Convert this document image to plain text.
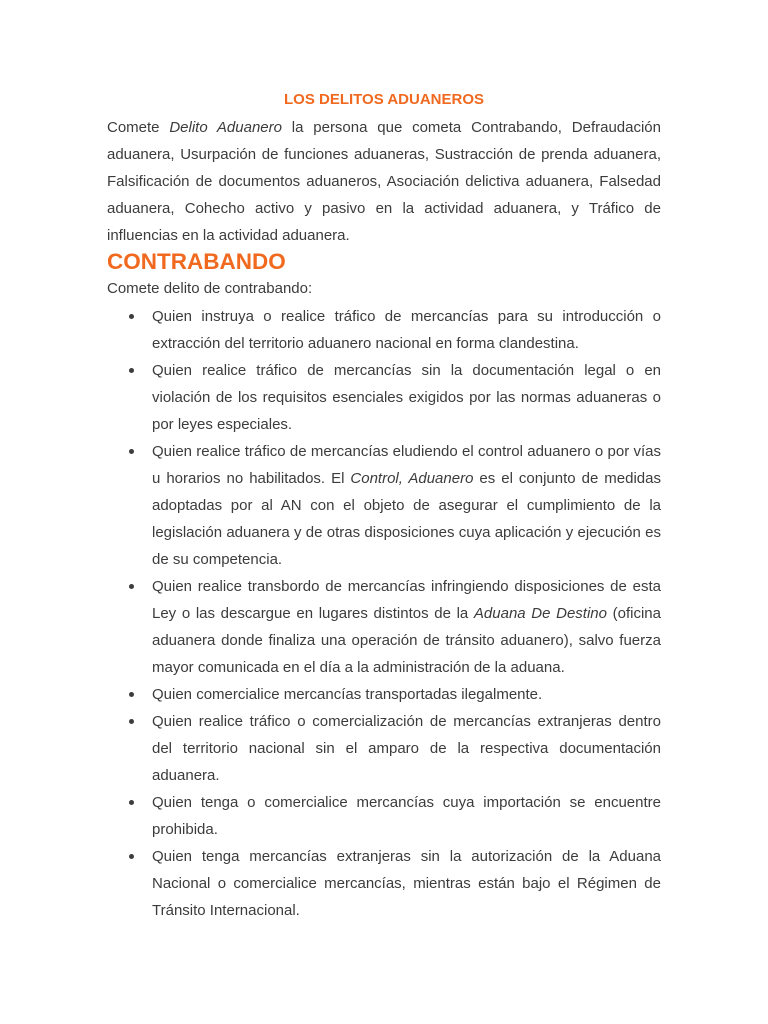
LOS DELITOS ADUANEROS

Comete Delito Aduanero la persona que cometa Contrabando, Defraudación aduanera, Usurpación de funciones aduaneras, Sustracción de prenda aduanera, Falsificación de documentos aduaneros, Asociación delictiva aduanera, Falsedad aduanera, Cohecho activo y pasivo en la actividad aduanera, y Tráfico de influencias en la actividad aduanera.

CONTRABANDO

Comete delito de contrabando:

Quien instruya o realice tráfico de mercancías para su introducción o extracción del territorio aduanero nacional en forma clandestina.
Quien realice tráfico de mercancías sin la documentación legal o en violación de los requisitos esenciales exigidos por las normas aduaneras o por leyes especiales.
Quien realice tráfico de mercancías eludiendo el control aduanero o por vías u horarios no habilitados. El Control, Aduanero es el conjunto de medidas adoptadas por al AN con el objeto de asegurar el cumplimiento de la legislación aduanera y de otras disposiciones cuya aplicación y ejecución es de su competencia.
Quien realice transbordo de mercancías infringiendo disposiciones de esta Ley o las descargue en lugares distintos de la Aduana De Destino (oficina aduanera donde finaliza una operación de tránsito aduanero), salvo fuerza mayor comunicada en el día a la administración de la aduana.
Quien comercialice mercancías transportadas ilegalmente.
Quien realice tráfico o comercialización de mercancías extranjeras dentro del territorio nacional sin el amparo de la respectiva documentación aduanera.
Quien tenga o comercialice mercancías cuya importación se encuentre prohibida.
Quien tenga mercancías extranjeras sin la autorización de la Aduana Nacional o comercialice mercancías, mientras están bajo el Régimen de Tránsito Internacional.
